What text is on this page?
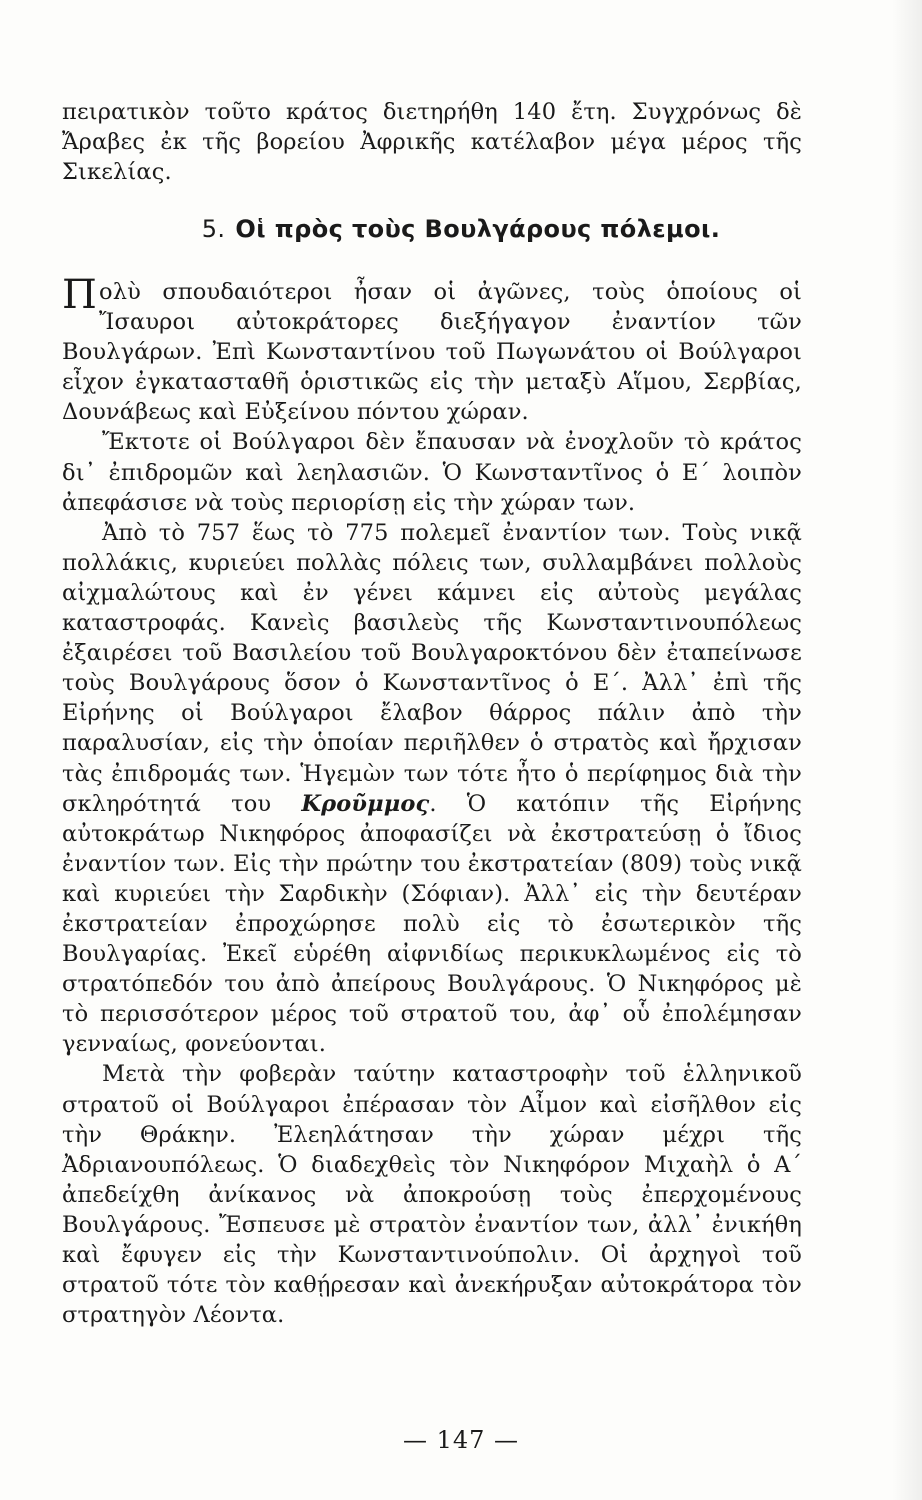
πειρατικὸν τοῦτο κράτος διετηρήθη 140 ἔτη. Συγχρόνως δὲ Ἄραβες ἐκ τῆς βορείου Ἀφρικῆς κατέλαβον μέγα μέρος τῆς Σικελίας.

5. Οἱ πρὸς τοὺς Βουλγάρους πόλεμοι.

Πολὺ σπουδαιότεροι ἦσαν οἱ ἀγῶνες, τοὺς ὁποίους οἱ Ἴσαυροι αὐτοκράτορες διεξήγαγον ἐναντίον τῶν Βουλγάρων. Ἐπὶ Κωνσταντίνου τοῦ Πωγωνάτου οἱ Βούλγαροι εἶχον ἐγκατασταθῆ ὁριστικῶς εἰς τὴν μεταξὺ Αἵμου, Σερβίας, Δουνάβεως καὶ Εὐξείνου πόντου χώραν.

Ἔκτοτε οἱ Βούλγαροι δὲν ἔπαυσαν νὰ ἐνοχλοῦν τὸ κράτος δι᾽ ἐπιδρομῶν καὶ λεηλασιῶν. Ὁ Κωνσταντῖνος ὁ Ε΄ λοιπὸν ἀπεφάσισε νὰ τοὺς περιορίσῃ εἰς τὴν χώραν των.

Ἀπὸ τὸ 757 ἕως τὸ 775 πολεμεῖ ἐναντίον των. Τοὺς νικᾷ πολλάκις, κυριεύει πολλὰς πόλεις των, συλλαμβάνει πολλοὺς αἰχμαλώτους καὶ ἐν γένει κάμνει εἰς αὐτοὺς μεγάλας καταστροφάς. Κανεὶς βασιλεὺς τῆς Κωνσταντινουπόλεως ἐξαιρέσει τοῦ Βασιλείου τοῦ Βουλγαροκτόνου δὲν ἐταπείνωσε τοὺς Βουλγάρους ὅσον ὁ Κωνσταντῖνος ὁ Ε΄. Ἀλλ᾽ ἐπὶ τῆς Εἰρήνης οἱ Βούλγαροι ἔλαβον θάρρος πάλιν ἀπὸ τὴν παραλυσίαν, εἰς τὴν ὁποίαν περιῆλθεν ὁ στρατὸς καὶ ἤρχισαν τὰς ἐπιδρομάς των. Ἡγεμὼν των τότε ἦτο ὁ περίφημος διὰ τὴν σκληρότητά του Κροῦμμος. Ὁ κατόπιν τῆς Εἰρήνης αὐτοκράτωρ Νικηφόρος ἀποφασίζει νὰ ἐκστρατεύσῃ ὁ ἴδιος ἐναντίον των. Εἰς τὴν πρώτην του ἐκστρατείαν (809) τοὺς νικᾷ καὶ κυριεύει τὴν Σαρδικὴν (Σόφιαν). Ἀλλ᾽ εἰς τὴν δευτέραν ἐκστρατείαν ἐπροχώρησε πολὺ εἰς τὸ ἐσωτερικὸν τῆς Βουλγαρίας. Ἐκεῖ εὑρέθη αἰφνιδίως περικυκλωμένος εἰς τὸ στρατόπεδόν του ἀπὸ ἀπείρους Βουλγάρους. Ὁ Νικηφόρος μὲ τὸ περισσότερον μέρος τοῦ στρατοῦ του, ἀφ᾽ οὗ ἐπολέμησαν γενναίως, φονεύονται.

Μετὰ τὴν φοβερὰν ταύτην καταστροφὴν τοῦ ἑλληνικοῦ στρατοῦ οἱ Βούλγαροι ἐπέρασαν τὸν Αἶμον καὶ εἰσῆλθον εἰς τὴν Θράκην. Ἐλεηλάτησαν τὴν χώραν μέχρι τῆς Ἀδριανουπόλεως. Ὁ διαδεχθεὶς τὸν Νικηφόρον Μιχαὴλ ὁ Α΄ ἀπεδείχθη ἀνίκανος νὰ ἀποκρούσῃ τοὺς ἐπερχομένους Βουλγάρους. Ἔσπευσε μὲ στρατὸν ἐναντίον των, ἀλλ᾽ ἐνικήθη καὶ ἔφυγεν εἰς τὴν Κωνσταντινούπολιν. Οἱ ἀρχηγοὶ τοῦ στρατοῦ τότε τὸν καθῄρεσαν καὶ ἀνεκήρυξαν αὐτοκράτορα τὸν στρατηγὸν Λέοντα.

— 147 —
